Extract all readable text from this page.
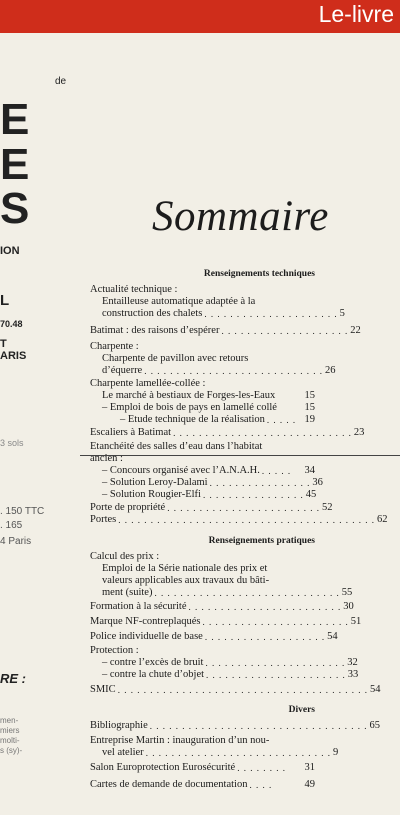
Le-livre
de
E
E
S
ION
L
70.48
T
ARIS
3 sols
. 150 TTC
. 165
4 Paris
RE :
men-
miers
molti-
s (sy)-
Sommaire
Renseignements techniques
Renseignements pratiques
Divers
Actualité technique :
Entailleuse automatique adaptée à la
construction des chalets . . . . . . . . . . . . . . . . . . . . . 5
Batimat : des raisons d’espérer . . . . . . . . . . . . . . . . . . . . 22
Charpente :
Charpente de pavillon avec retours
d’équerre . . . . . . . . . . . . . . . . . . . . . . . . . . . . 26
Charpente lamellée-collée :
Le marché à bestiaux de Forges-les-Eaux	15
– Emploi de bois de pays en lamellé collé	15
– Etude technique de la réalisation . . . . . 19
Escaliers à Batimat . . . . . . . . . . . . . . . . . . . . . . . . . . . . 23
Etanchéité des salles d’eau dans l’habitat
ancien :
– Concours organisé avec l’A.N.A.H. . . . . .	34
– Solution Leroy-Dalami . . . . . . . . . . . . . . . . 36
– Solution Rougier-Elfi . . . . . . . . . . . . . . . . 45
Porte de propriété . . . . . . . . . . . . . . . . . . . . . . . . 52
Portes . . . . . . . . . . . . . . . . . . . . . . . . . . . . . . . . . . . . . . . . 62
Calcul des prix :
Emploi de la Série nationale des prix et
valeurs applicables aux travaux du bâti-
ment (suite) . . . . . . . . . . . . . . . . . . . . . . . . . . . . . 55
Formation à la sécurité . . . . . . . . . . . . . . . . . . . . . . . . 30
Marque NF-contreplaqués . . . . . . . . . . . . . . . . . . . . . . . 51
Police individuelle de base . . . . . . . . . . . . . . . . . . . 54
Protection :
– contre l’excès de bruit . . . . . . . . . . . . . . . . . . . . . . 32
– contre la chute d’objet . . . . . . . . . . . . . . . . . . . . . . 33
SMIC . . . . . . . . . . . . . . . . . . . . . . . . . . . . . . . . . . . . . . . 54
Bibliographie . . . . . . . . . . . . . . . . . . . . . . . . . . . . . . . . . . 65
Entreprise Martin : inauguration d’un nou-
vel atelier . . . . . . . . . . . . . . . . . . . . . . . . . . . . . 9
Salon Europrotection Eurosécurité . . . . . . . .	31
Cartes de demande de documentation . . . .	49
